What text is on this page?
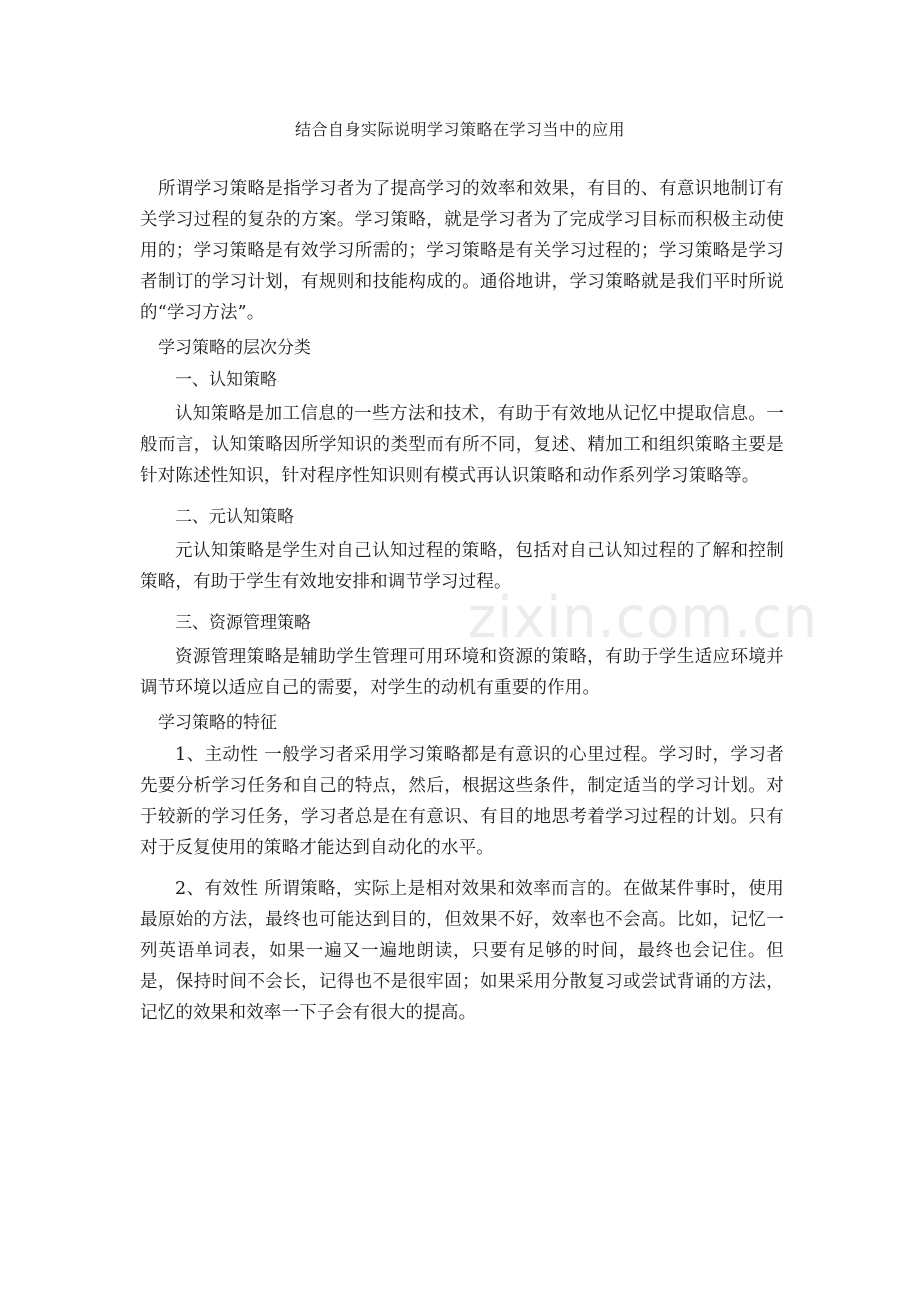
结合自身实际说明学习策略在学习当中的应用

所谓学习策略是指学习者为了提高学习的效率和效果，有目的、有意识地制订有关学习过程的复杂的方案。学习策略，就是学习者为了完成学习目标而积极主动使用的；学习策略是有效学习所需的；学习策略是有关学习过程的；学习策略是学习者制订的学习计划，有规则和技能构成的。通俗地讲，学习策略就是我们平时所说的“学习方法”。

学习策略的层次分类
一、认知策略

认知策略是加工信息的一些方法和技术，有助于有效地从记忆中提取信息。一般而言，认知策略因所学知识的类型而有所不同，复述、精加工和组织策略主要是针对陈述性知识，针对程序性知识则有模式再认识策略和动作系列学习策略等。

二、元认知策略

元认知策略是学生对自己认知过程的策略，包括对自己认知过程的了解和控制策略，有助于学生有效地安排和调节学习过程。

三、资源管理策略

资源管理策略是辅助学生管理可用环境和资源的策略，有助于学生适应环境并调节环境以适应自己的需要，对学生的动机有重要的作用。

学习策略的特征

1、主动性 一般学习者采用学习策略都是有意识的心里过程。学习时，学习者先要分析学习任务和自己的特点，然后，根据这些条件，制定适当的学习计划。对于较新的学习任务，学习者总是在有意识、有目的地思考着学习过程的计划。只有对于反复使用的策略才能达到自动化的水平。

2、有效性 所谓策略，实际上是相对效果和效率而言的。在做某件事时，使用最原始的方法，最终也可能达到目的，但效果不好，效率也不会高。比如，记忆一列英语单词表，如果一遍又一遍地朗读，只要有足够的时间，最终也会记住。但是，保持时间不会长，记得也不是很牢固；如果采用分散复习或尝试背诵的方法，记忆的效果和效率一下子会有很大的提高。

zixin.com.cn
